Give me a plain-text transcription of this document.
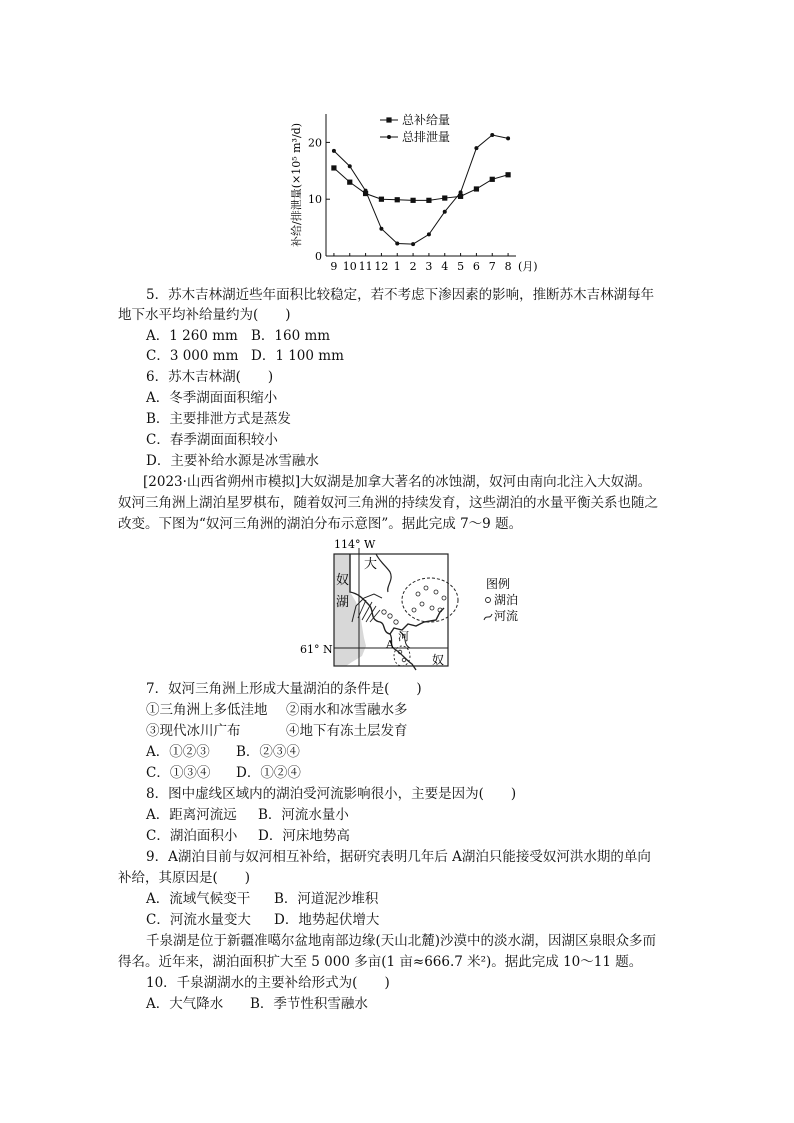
0
10
20
9 10 11 12 1 2 3 4 5 6 7 8 (月)
补给/排泄量(×10⁵ m³/d)
总补给量
总排泄量
5．苏木吉林湖近些年面积比较稳定，若不考虑下渗因素的影响，推断苏木吉林湖每年
地下水平均补给量约为(　　)
A．1 260 mm B．160 mm
C．3 000 mm D．1 100 mm
6．苏木吉林湖(　　)
A．冬季湖面面积缩小
B．主要排泄方式是蒸发
C．春季湖面面积较小
D．主要补给水源是冰雪融水
[2023·山西省朔州市模拟]大奴湖是加拿大著名的冰蚀湖，奴河由南向北注入大奴湖。
奴河三角洲上湖泊星罗棋布，随着奴河三角洲的持续发育，这些湖泊的水量平衡关系也随之
改变。下图为“奴河三角洲的湖泊分布示意图”。据此完成 7～9 题。
114° W
61° N
奴
湖
大
河
奴
A
图例
湖泊
河流
7．奴河三角洲上形成大量湖泊的条件是(　　)
①三角洲上多低洼地 ②雨水和冰雪融水多
③现代冰川广布	④地下有冻土层发育
A．①②③ B．②③④
C．①③④ D．①②④
8．图中虚线区域内的湖泊受河流影响很小，主要是因为(　　)
A．距离河流远 B．河流水量小
C．湖泊面积小 D．河床地势高
9．A湖泊目前与奴河相互补给，据研究表明几年后 A湖泊只能接受奴河洪水期的单向
补给，其原因是(　　)
A．流域气候变干 B．河道泥沙堆积
C．河流水量变大 D．地势起伏增大
千泉湖是位于新疆准噶尔盆地南部边缘(天山北麓)沙漠中的淡水湖，因湖区泉眼众多而
得名。近年来，湖泊面积扩大至 5 000 多亩(1 亩≈666.7 米²)。据此完成 10～11 题。
10．千泉湖湖水的主要补给形式为(　　)
A．大气降水 B．季节性积雪融水
